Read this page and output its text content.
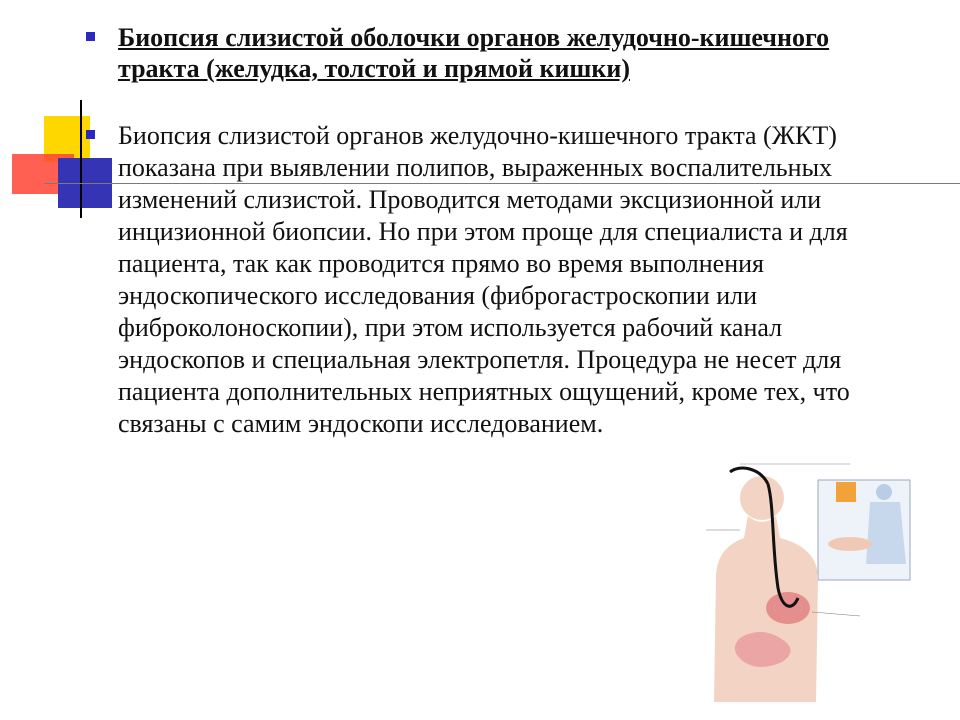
Биопсия слизистой оболочки органов желудочно-кишечного тракта (желудка, толстой и прямой кишки)
Биопсия слизистой органов желудочно-кишечного тракта (ЖКТ) показана при выявлении полипов, выраженных воспалительных изменений слизистой. Проводится методами эксцизионной или инцизионной биопсии. Но при этом проще для специалиста и для пациента, так как проводится прямо во время выполнения эндоскопического исследования (фиброгастроскопии или фиброколоноскопии), при этом используется рабочий канал эндоскопов и специальная электропетля. Процедура не несет для пациента дополнительных неприятных ощущений, кроме тех, что связаны с самим эндоскопи исследованием.
